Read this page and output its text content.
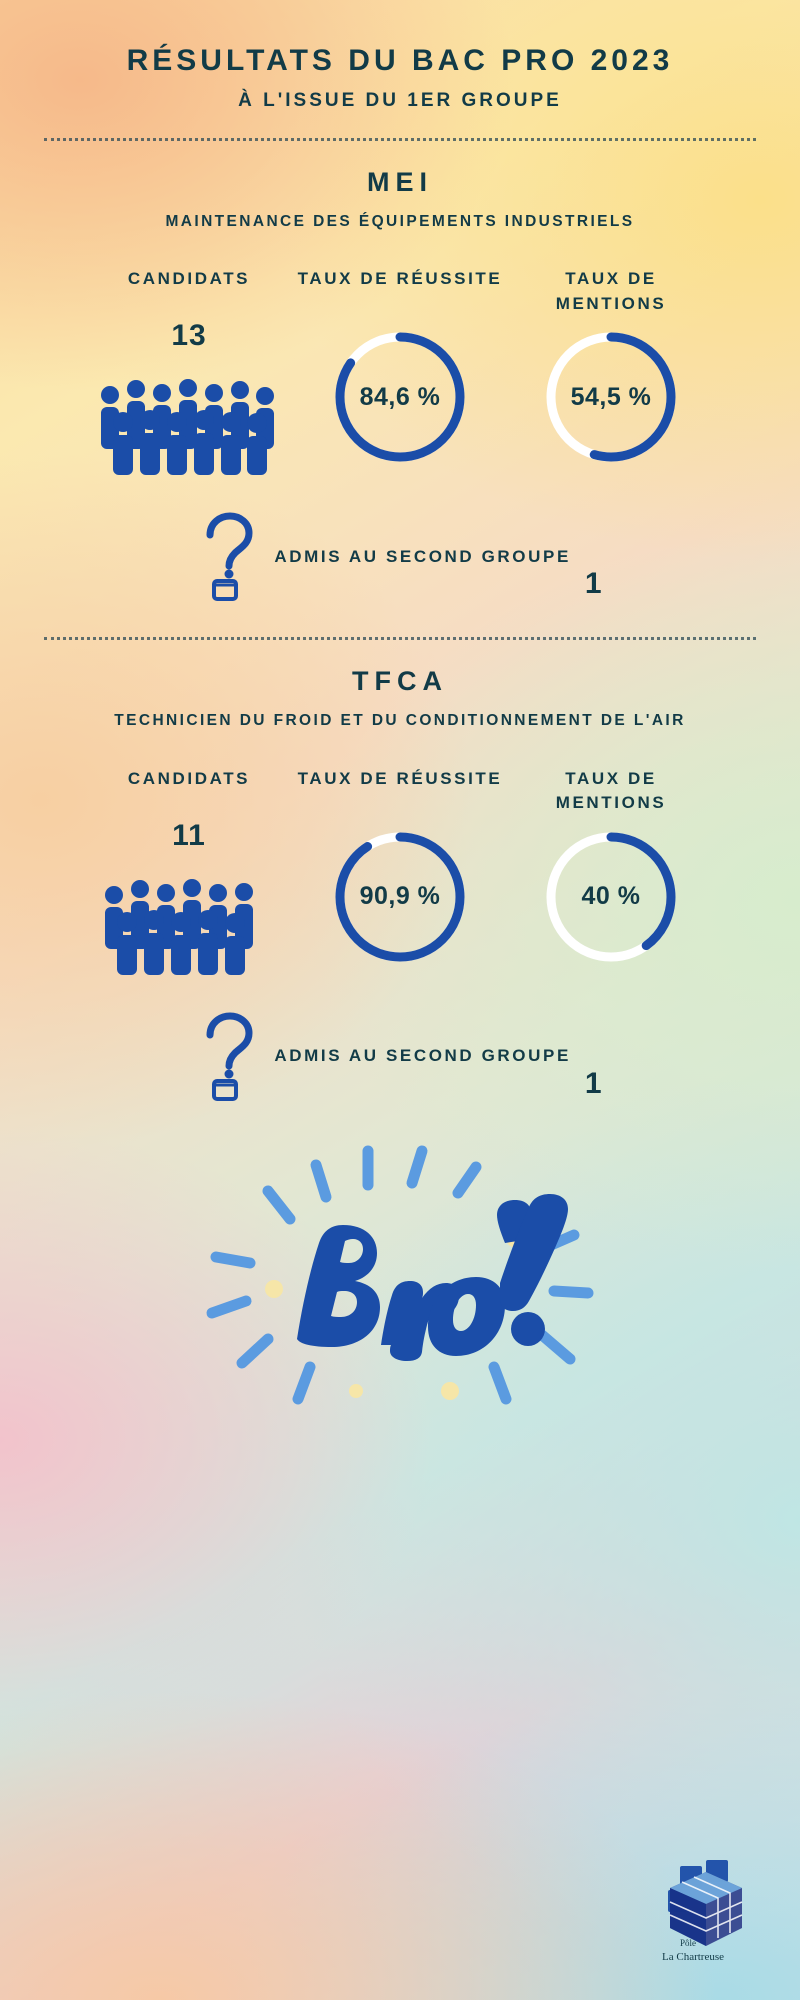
RÉSULTATS DU BAC PRO 2023
À L'ISSUE DU 1ER GROUPE
MEI
MAINTENANCE DES ÉQUIPEMENTS INDUSTRIELS
CANDIDATS
13
TAUX DE RÉUSSITE
84,6 %
TAUX DE MENTIONS
54,5 %
ADMIS AU SECOND GROUPE
1
TFCA
TECHNICIEN DU FROID ET DU CONDITIONNEMENT DE L'AIR
CANDIDATS
11
TAUX DE RÉUSSITE
90,9 %
TAUX DE MENTIONS
40 %
ADMIS AU SECOND GROUPE
1
Pôle
La Chartreuse
